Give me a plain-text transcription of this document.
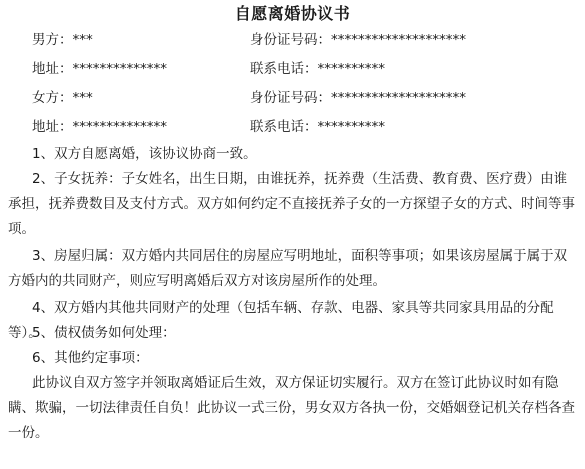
自愿离婚协议书
男方：***	身份证号码：********************
地址：**************	联系电话：**********
女方：***	身份证号码：********************
地址：**************	联系电话：**********

1、双方自愿离婚，该协议协商一致。

2、子女抚养：子女姓名，出生日期，由谁抚养，抚养费（生活费、教育费、医疗费）由谁承担，抚养费数目及支付方式。双方如何约定不直接抚养子女的一方探望子女的方式、时间等事项。

3、房屋归属：双方婚内共同居住的房屋应写明地址，面积等事项；如果该房屋属于属于双方婚内的共同财产，则应写明离婚后双方对该房屋所作的处理。

4、双方婚内其他共同财产的处理（包括车辆、存款、电器、家具等共同家具用品的分配等）。

5、债权债务如何处理：

6、其他约定事项：

此协议自双方签字并领取离婚证后生效，双方保证切实履行。双方在签订此协议时如有隐瞒、欺骗，一切法律责任自负！此协议一式三份，男女双方各执一份，交婚姻登记机关存档各查一份。
